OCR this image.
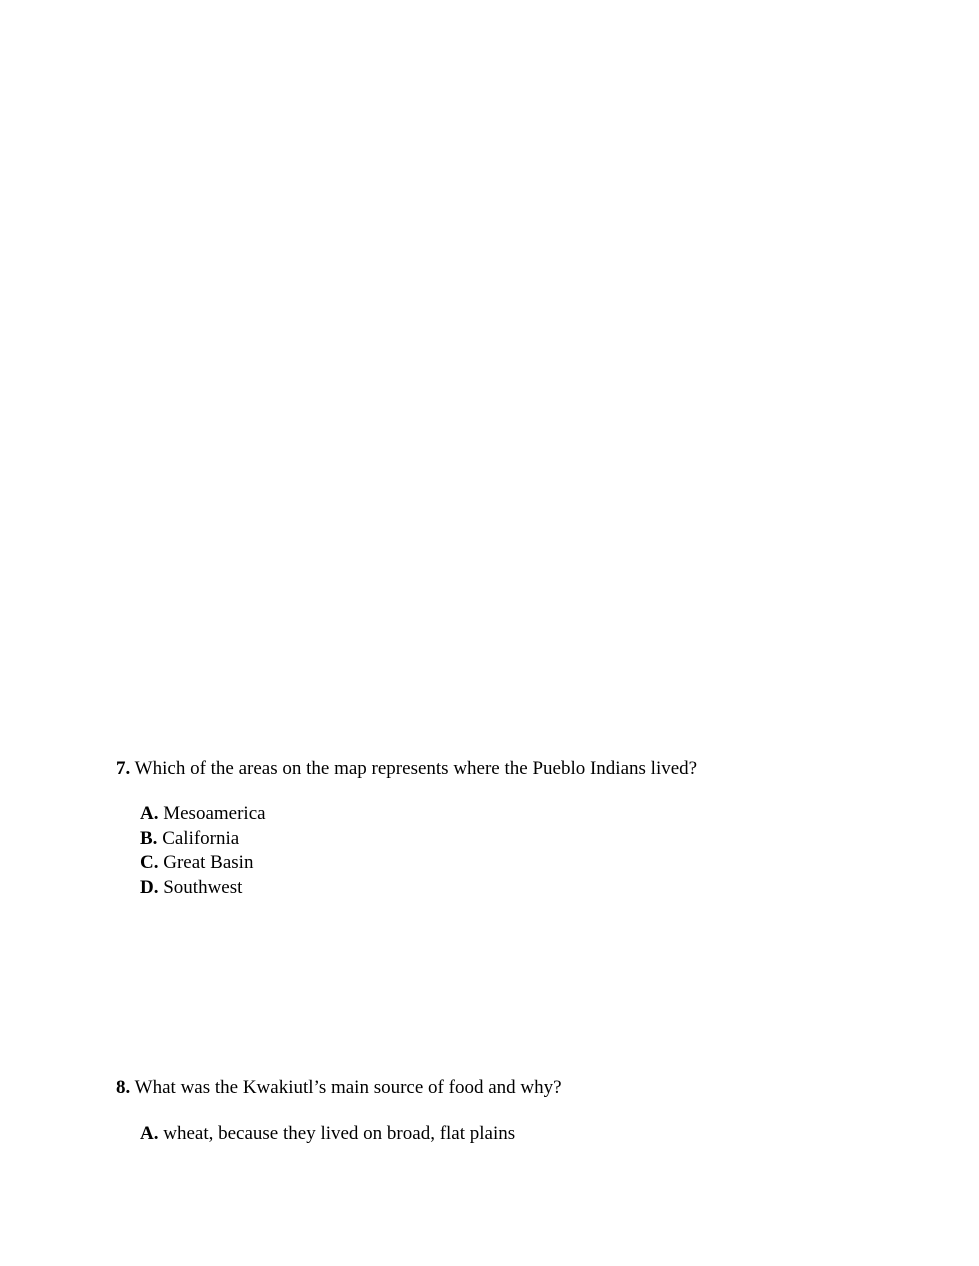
7. Which of the areas on the map represents where the Pueblo Indians lived?
A. Mesoamerica
B. California
C. Great Basin
D. Southwest
8. What was the Kwakiutl’s main source of food and why?
A. wheat, because they lived on broad, flat plains
